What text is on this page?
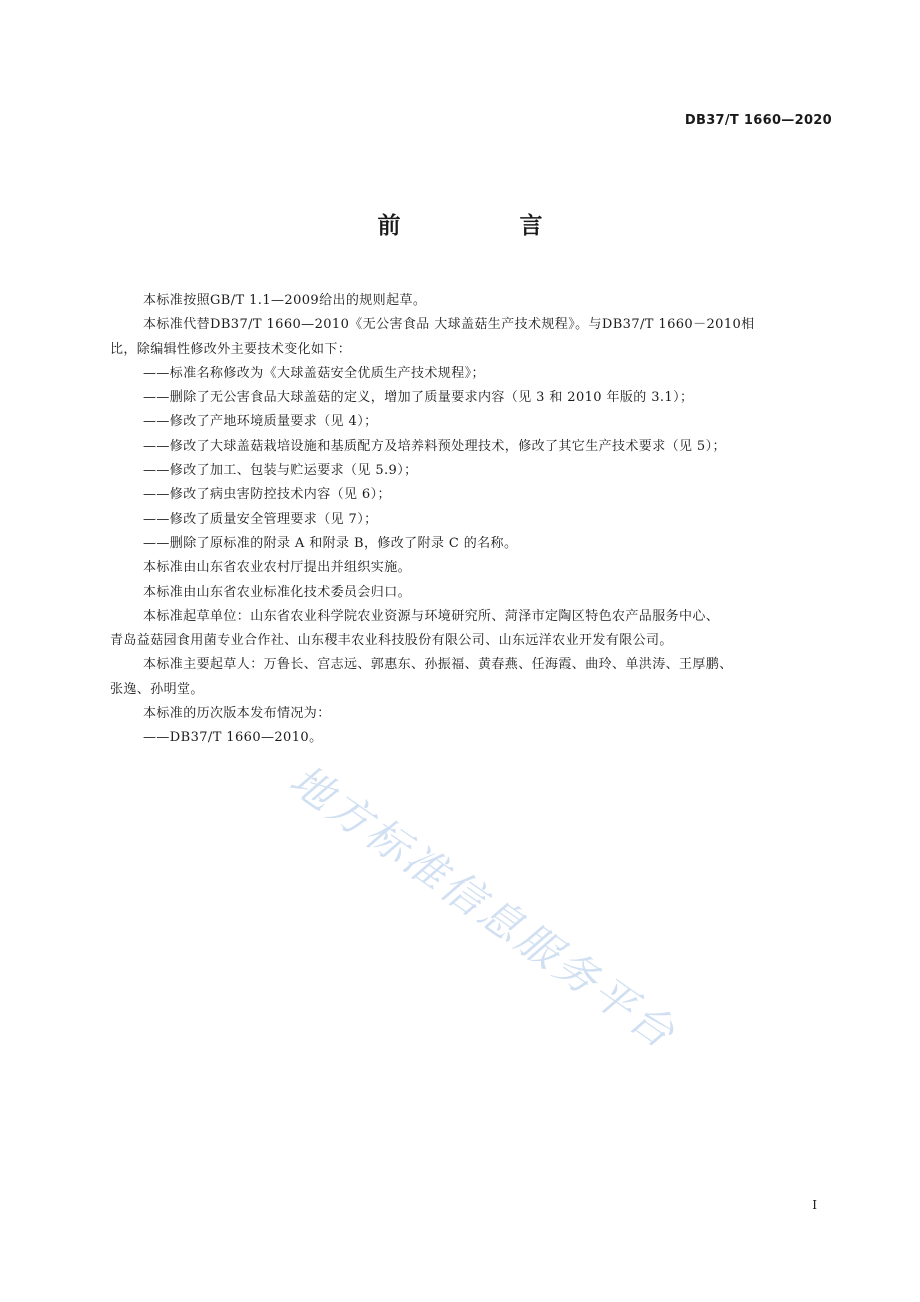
DB37/T 1660—2020
前　言

本标准按照GB/T 1.1—2009给出的规则起草。

本标准代替DB37/T 1660—2010《无公害食品 大球盖菇生产技术规程》。与DB37/T 1660－2010相

比，除编辑性修改外主要技术变化如下：

——标准名称修改为《大球盖菇安全优质生产技术规程》；

——删除了无公害食品大球盖菇的定义，增加了质量要求内容（见 3 和 2010 年版的 3.1）；

——修改了产地环境质量要求（见 4）；

——修改了大球盖菇栽培设施和基质配方及培养料预处理技术，修改了其它生产技术要求（见 5）；

——修改了加工、包装与贮运要求（见 5.9）；

——修改了病虫害防控技术内容（见 6）；

——修改了质量安全管理要求（见 7）；

——删除了原标准的附录 A 和附录 B，修改了附录 C 的名称。

本标准由山东省农业农村厅提出并组织实施。

本标准由山东省农业标准化技术委员会归口。

本标准起草单位：山东省农业科学院农业资源与环境研究所、菏泽市定陶区特色农产品服务中心、

青岛益菇园食用菌专业合作社、山东稷丰农业科技股份有限公司、山东远洋农业开发有限公司。

本标准主要起草人：万鲁长、宫志远、郭惠东、孙振福、黄春燕、任海霞、曲玲、单洪涛、王厚鹏、

张逸、孙明堂。

本标准的历次版本发布情况为：

——DB37/T 1660—2010。

地方标准信息服务平台
I
